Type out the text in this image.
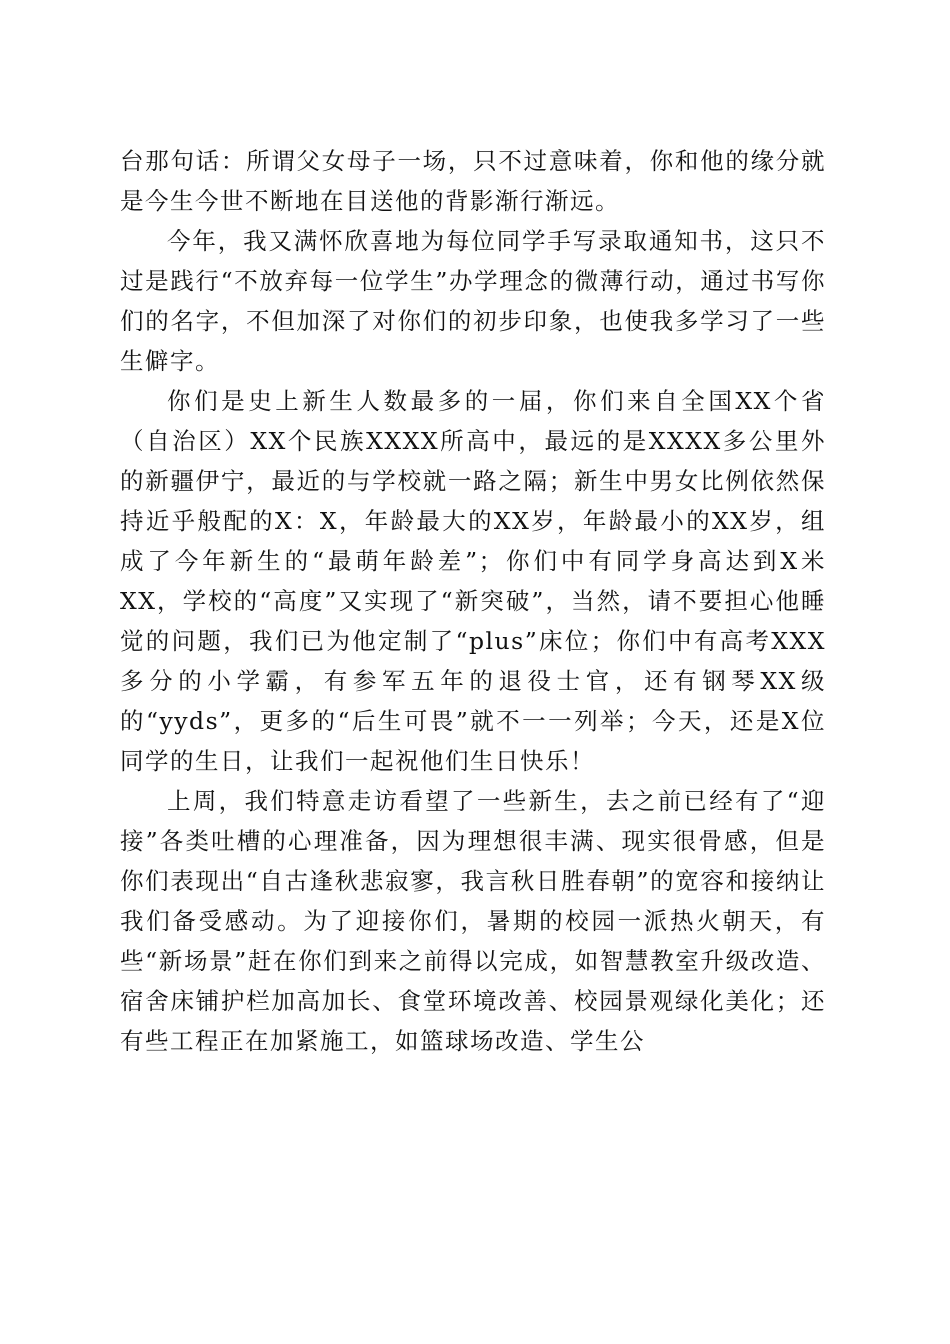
台那句话：所谓父女母子一场，只不过意味着，你和他的缘分就是今生今世不断地在目送他的背影渐行渐远。

今年，我又满怀欣喜地为每位同学手写录取通知书，这只不过是践行“不放弃每一位学生”办学理念的微薄行动，通过书写你们的名字，不但加深了对你们的初步印象，也使我多学习了一些生僻字。

你们是史上新生人数最多的一届，你们来自全国XX个省（自治区）XX个民族XXXX所高中，最远的是XXXX多公里外的新疆伊宁，最近的与学校就一路之隔；新生中男女比例依然保持近乎般配的X：X，年龄最大的XX岁，年龄最小的XX岁，组成了今年新生的“最萌年龄差”；你们中有同学身高达到X米XX，学校的“高度”又实现了“新突破”，当然，请不要担心他睡觉的问题，我们已为他定制了“plus”床位；你们中有高考XXX多分的小学霸，有参军五年的退役士官，还有钢琴XX级的“yyds”，更多的“后生可畏”就不一一列举；今天，还是X位同学的生日，让我们一起祝他们生日快乐！

上周，我们特意走访看望了一些新生，去之前已经有了“迎接”各类吐槽的心理准备，因为理想很丰满、现实很骨感，但是你们表现出“自古逢秋悲寂寥，我言秋日胜春朝”的宽容和接纳让我们备受感动。为了迎接你们，暑期的校园一派热火朝天，有些“新场景”赶在你们到来之前得以完成，如智慧教室升级改造、宿舍床铺护栏加高加长、食堂环境改善、校园景观绿化美化；还有些工程正在加紧施工，如篮球场改造、学生公
